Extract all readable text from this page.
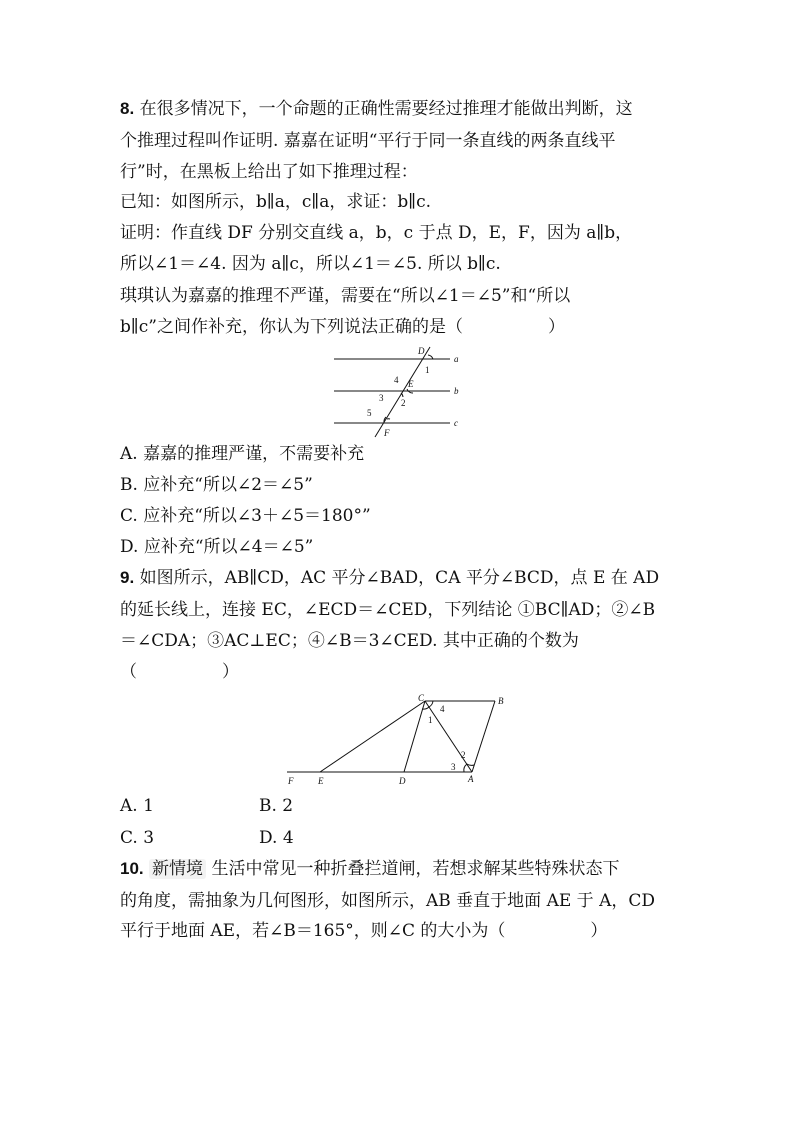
8. 在很多情况下，一个命题的正确性需要经过推理才能做出判断，这
个推理过程叫作证明. 嘉嘉在证明“平行于同一条直线的两条直线平
行”时，在黑板上给出了如下推理过程：
已知：如图所示，b∥a，c∥a，求证：b∥c.
证明：作直线 DF 分别交直线 a，b，c 于点 D，E，F，因为 a∥b，
所以∠1＝∠4. 因为 a∥c，所以∠1＝∠5. 所以 b∥c.
琪琪认为嘉嘉的推理不严谨，需要在“所以∠1＝∠5”和“所以
b∥c”之间作补充，你认为下列说法正确的是（　　　　　）
D
a
b
c
E
F
1
2
3
4
5
A. 嘉嘉的推理严谨，不需要补充
B. 应补充“所以∠2＝∠5”
C. 应补充“所以∠3＋∠5＝180°”
D. 应补充“所以∠4＝∠5”
9. 如图所示，AB∥CD，AC 平分∠BAD，CA 平分∠BCD，点 E 在 AD
的延长线上，连接 EC，∠ECD＝∠CED，下列结论 ①BC∥AD；②∠B
＝∠CDA；③AC⊥EC；④∠B＝3∠CED. 其中正确的个数为
（　　　　　）
C	B
A
D
E
F
1
2
3
4
A. 1	B. 2
C. 3	D. 4
10. 新情境 生活中常见一种折叠拦道闸，若想求解某些特殊状态下
的角度，需抽象为几何图形，如图所示，AB 垂直于地面 AE 于 A，CD
平行于地面 AE，若∠B＝165°，则∠C 的大小为（　　　　　）
